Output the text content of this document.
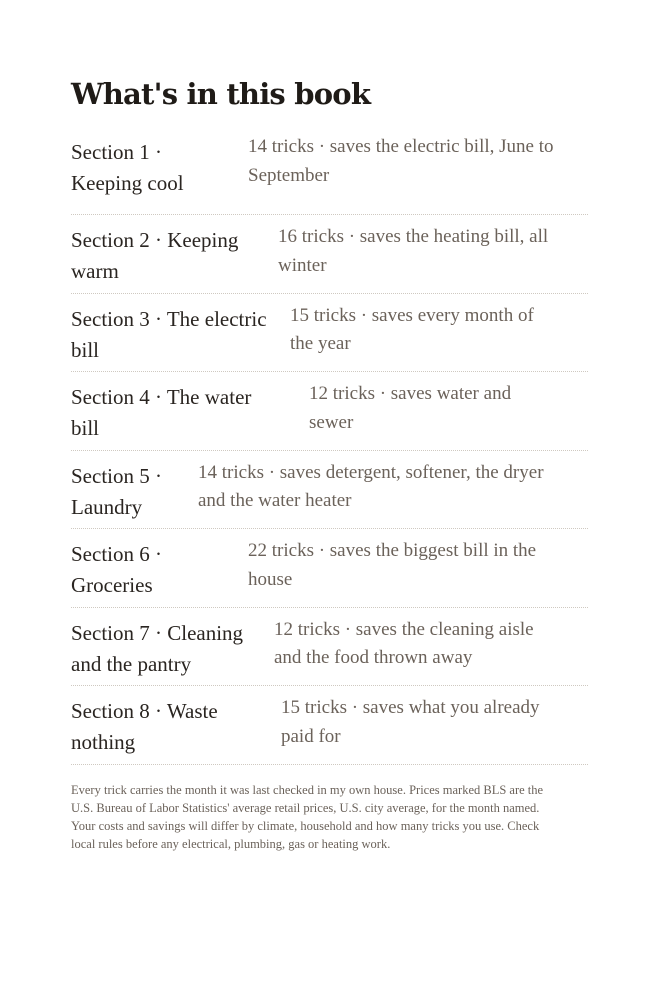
What's in this book
Section 1 ·
Keeping cool
14 tricks · saves the electric bill, June to
September
Section 2 · Keeping
warm
16 tricks · saves the heating bill, all
winter
Section 3 · The electric
bill
15 tricks · saves every month of
the year
Section 4 · The water
bill
12 tricks · saves water and
sewer
Section 5 ·
Laundry
14 tricks · saves detergent, softener, the dryer
and the water heater
Section 6 ·
Groceries
22 tricks · saves the biggest bill in the
house
Section 7 · Cleaning
and the pantry
12 tricks · saves the cleaning aisle
and the food thrown away
Section 8 · Waste
nothing
15 tricks · saves what you already
paid for
Every trick carries the month it was last checked in my own house. Prices marked BLS are the
U.S. Bureau of Labor Statistics' average retail prices, U.S. city average, for the month named.
Your costs and savings will differ by climate, household and how many tricks you use. Check
local rules before any electrical, plumbing, gas or heating work.
